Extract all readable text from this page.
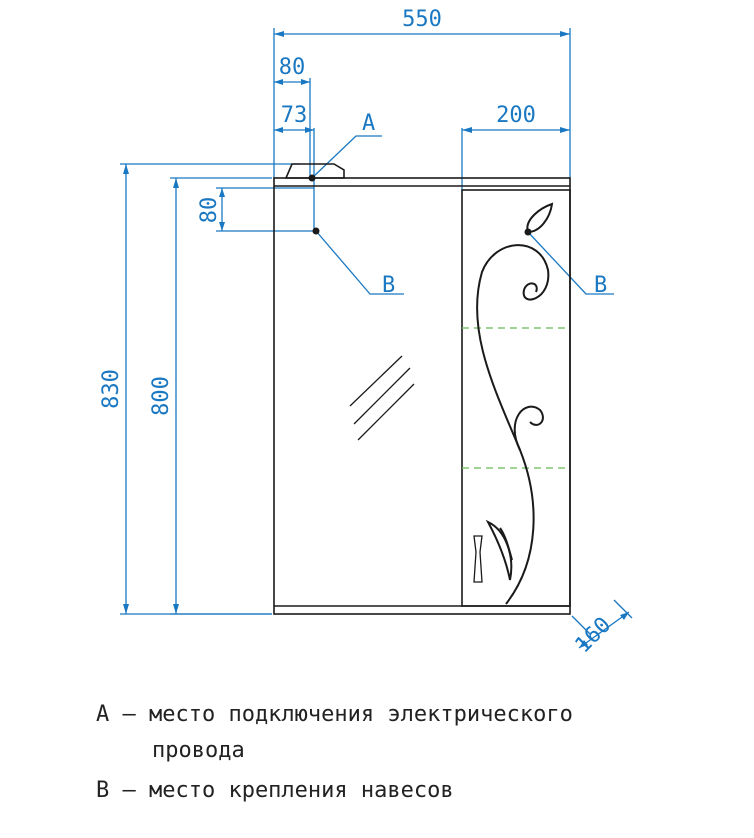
550
80
73	200
830 800
80
160
A
B	B
A – место подключения электрического
провода
B – место крепления навесов
